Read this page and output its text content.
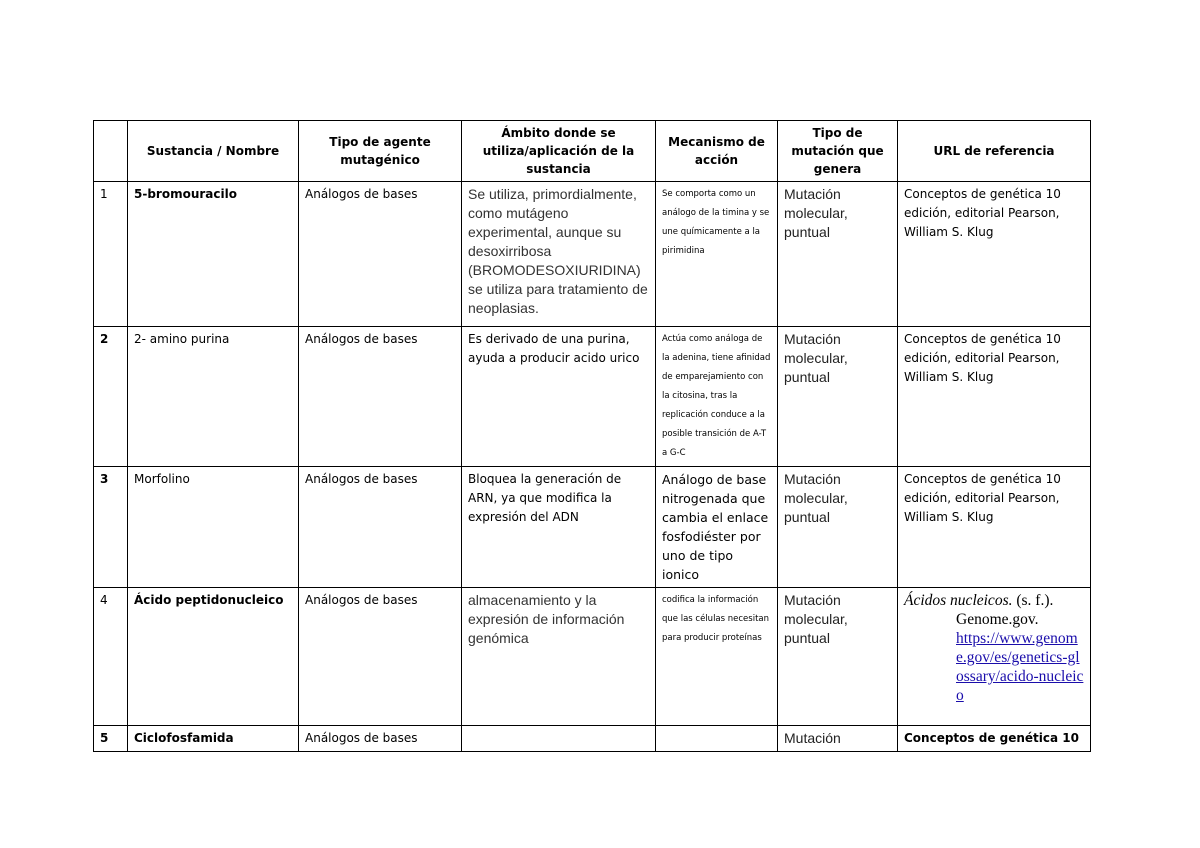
	Sustancia / Nombre	Tipo de agente mutagénico	Ámbito donde se utiliza/aplicación de la sustancia	Mecanismo de acción	Tipo de mutación que genera	URL de referencia
1	5-bromouracilo	Análogos de bases	Se utiliza, primordialmente, como mutágeno experimental, aunque su desoxirribosa (BROMODESOXIURIDINA) se utiliza para tratamiento de neoplasias.	Se comporta como un análogo de la timina y se une químicamente a la pirimidina	Mutación molecular, puntual	Conceptos de genética 10 edición, editorial Pearson, William S. Klug
2	2- amino purina	Análogos de bases	Es derivado de una purina, ayuda a producir acido urico	Actúa como análoga de la adenina, tiene afinidad de emparejamiento con la citosina, tras la replicación conduce a la posible transición de A-T a G-C	Mutación molecular, puntual	Conceptos de genética 10 edición, editorial Pearson, William S. Klug
3	Morfolino	Análogos de bases	Bloquea la generación de ARN, ya que modifica la expresión del ADN	Análogo de base nitrogenada que cambia el enlace fosfodiéster por uno de tipo ionico	Mutación molecular, puntual	Conceptos de genética 10 edición, editorial Pearson, William S. Klug
4	Ácido peptidonucleico	Análogos de bases	almacenamiento y la expresión de información genómica	codifica la información que las células necesitan para producir proteínas	Mutación molecular, puntual	Ácidos nucleicos. (s. f.).
Genome.gov.
https://www.genome.gov/es/genetics-glossary/acido-nucleico

5	Ciclofosfamida	Análogos de bases			Mutación	Conceptos de genética 10
